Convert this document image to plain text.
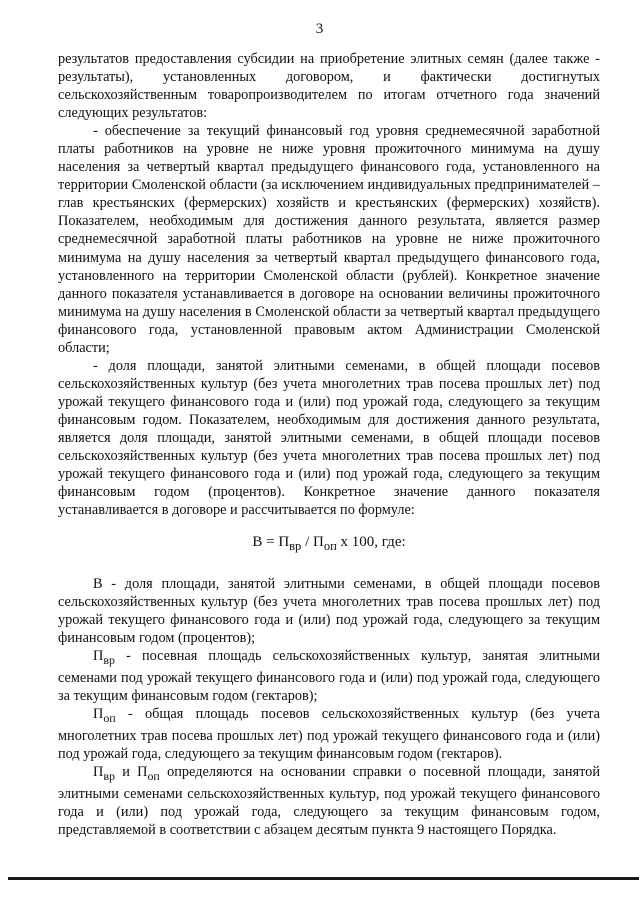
3

результатов предоставления субсидии на приобретение элитных семян (далее также - результаты), установленных договором, и фактически достигнутых сельскохозяйственным товаропроизводителем по итогам отчетного года значений следующих результатов:

- обеспечение за текущий финансовый год уровня среднемесячной заработной платы работников на уровне не ниже уровня прожиточного минимума на душу населения за четвертый квартал предыдущего финансового года, установленного на территории Смоленской области (за исключением индивидуальных предпринимателей – глав крестьянских (фермерских) хозяйств и крестьянских (фермерских) хозяйств). Показателем, необходимым для достижения данного результата, является размер среднемесячной заработной платы работников на уровне не ниже прожиточного минимума на душу населения за четвертый квартал предыдущего финансового года, установленного на территории Смоленской области (рублей). Конкретное значение данного показателя устанавливается в договоре на основании величины прожиточного минимума на душу населения в Смоленской области за четвертый квартал предыдущего финансового года, установленной правовым актом Администрации Смоленской области;

- доля площади, занятой элитными семенами, в общей площади посевов сельскохозяйственных культур (без учета многолетних трав посева прошлых лет) под урожай текущего финансового года и (или) под урожай года, следующего за текущим финансовым годом. Показателем, необходимым для достижения данного результата, является доля площади, занятой элитными семенами, в общей площади посевов сельскохозяйственных культур (без учета многолетних трав посева прошлых лет) под урожай текущего финансового года и (или) под урожай года, следующего за текущим финансовым годом (процентов). Конкретное значение данного показателя устанавливается в договоре и рассчитывается по формуле:

$В = П_{вр} / П_{оп}$ x 100, где:

В - доля площади, занятой элитными семенами, в общей площади посевов сельскохозяйственных культур (без учета многолетних трав посева прошлых лет) под урожай текущего финансового года и (или) под урожай года, следующего за текущим финансовым годом (процентов);

$П_{вр}$ - посевная площадь сельскохозяйственных культур, занятая элитными семенами под урожай текущего финансового года и (или) под урожай года, следующего за текущим финансовым годом (гектаров);

$П_{оп}$ - общая площадь посевов сельскохозяйственных культур (без учета многолетних трав посева прошлых лет) под урожай текущего финансового года и (или) под урожай года, следующего за текущим финансовым годом (гектаров).

$П_{вр}$ и $П_{оп}$ определяются на основании справки о посевной площади, занятой элитными семенами сельскохозяйственных культур, под урожай текущего финансового года и (или) под урожай года, следующего за текущим финансовым годом, представляемой в соответствии с абзацем десятым пункта 9 настоящего Порядка.
